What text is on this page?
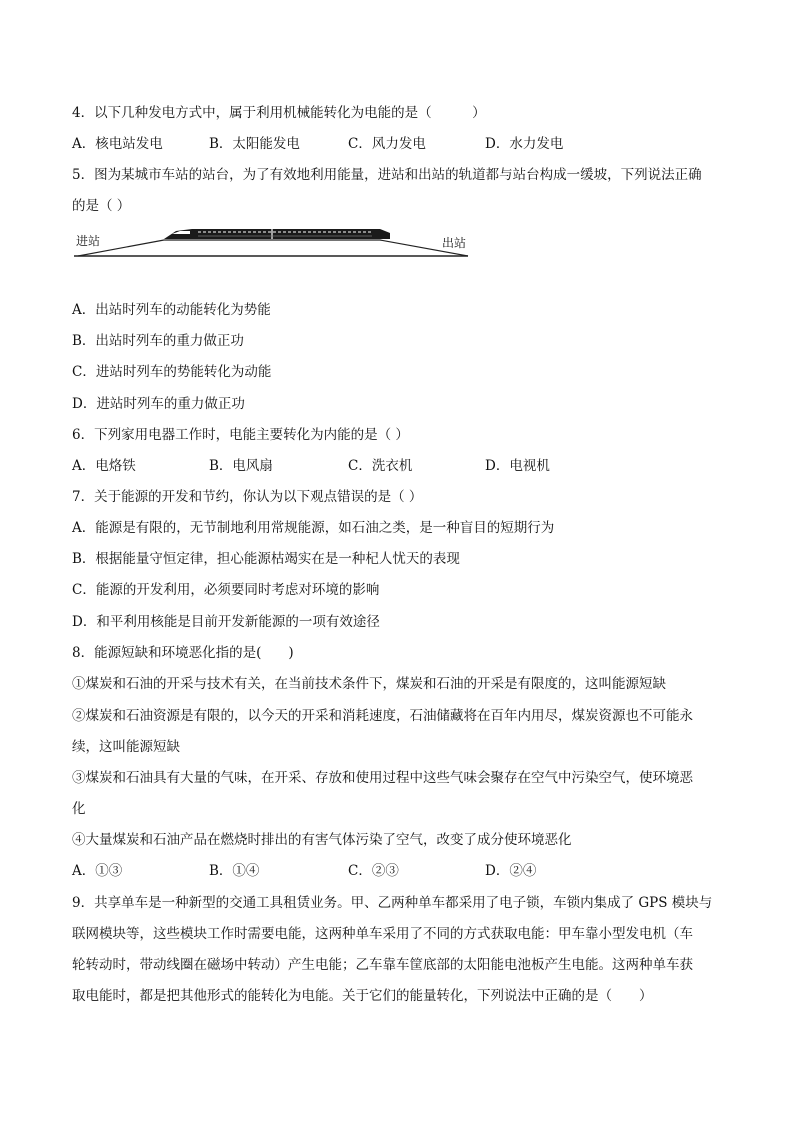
4．以下几种发电方式中，属于利用机械能转化为电能的是（　　　）
A．核电站发电	B．太阳能发电	C．风力发电	D．水力发电
5．图为某城市车站的站台，为了有效地利用能量，进站和出站的轨道都与站台构成一缓坡，下列说法正确
的是（ ）
进站	出站
A．出站时列车的动能转化为势能
B．出站时列车的重力做正功
C．进站时列车的势能转化为动能
D．进站时列车的重力做正功
6．下列家用电器工作时，电能主要转化为内能的是（ ）
A．电烙铁	B．电风扇	C．洗衣机	D．电视机
7．关于能源的开发和节约，你认为以下观点错误的是（ ）
A．能源是有限的，无节制地利用常规能源，如石油之类，是一种盲目的短期行为
B．根据能量守恒定律，担心能源枯竭实在是一种杞人忧天的表现
C．能源的开发利用，必须要同时考虑对环境的影响
D．和平利用核能是目前开发新能源的一项有效途径
8．能源短缺和环境恶化指的是(　　)
①煤炭和石油的开采与技术有关，在当前技术条件下，煤炭和石油的开采是有限度的，这叫能源短缺
②煤炭和石油资源是有限的，以今天的开采和消耗速度，石油储藏将在百年内用尽，煤炭资源也不可能永
续，这叫能源短缺
③煤炭和石油具有大量的气味，在开采、存放和使用过程中这些气味会聚存在空气中污染空气，使环境恶
化
④大量煤炭和石油产品在燃烧时排出的有害气体污染了空气，改变了成分使环境恶化
A．①③	B．①④	C．②③	D．②④
9．共享单车是一种新型的交通工具租赁业务。甲、乙两种单车都采用了电子锁，车锁内集成了 GPS 模块与
联网模块等，这些模块工作时需要电能，这两种单车采用了不同的方式获取电能：甲车靠小型发电机（车
轮转动时，带动线圈在磁场中转动）产生电能；乙车靠车筐底部的太阳能电池板产生电能。这两种单车获
取电能时，都是把其他形式的能转化为电能。关于它们的能量转化，下列说法中正确的是（　　）
